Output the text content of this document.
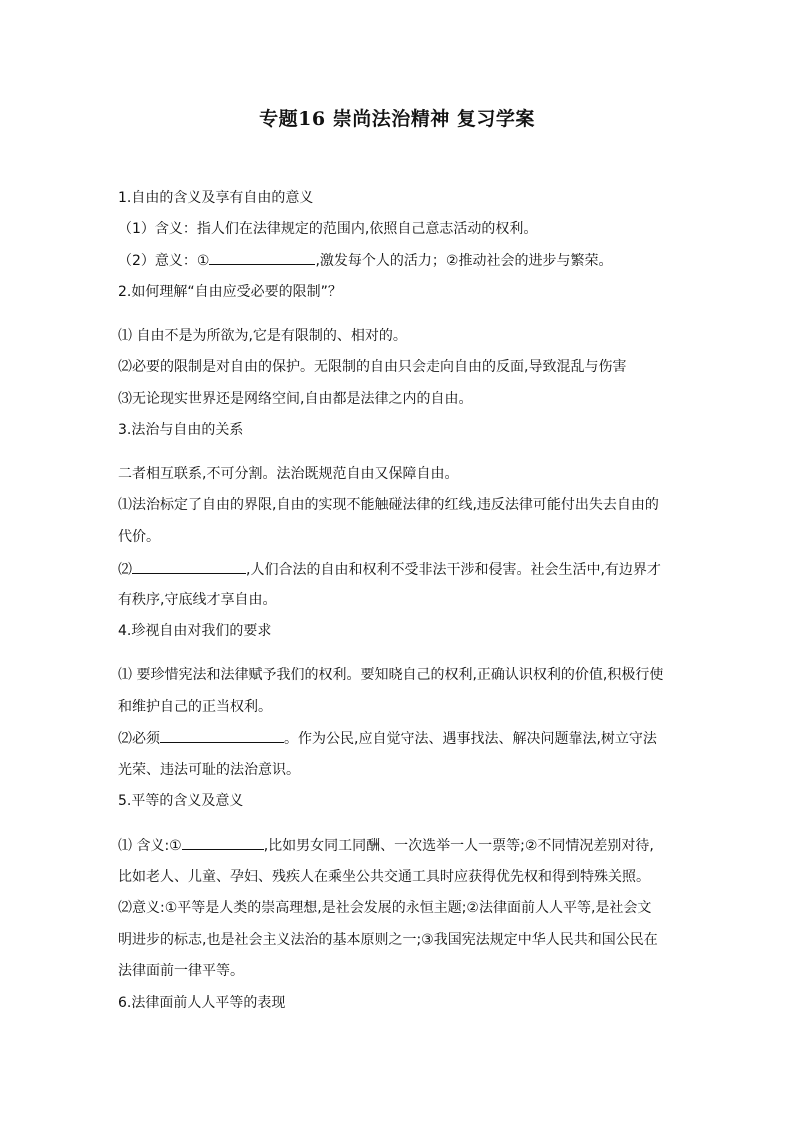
专题16 崇尚法治精神 复习学案
1.自由的含义及享有自由的意义
（1）含义：指人们在法律规定的范围内,依照自己意志活动的权利。
（2）意义：①	,激发每个人的活力；②推动社会的进步与繁荣。
2.如何理解“自由应受必要的限制”？
⑴ 自由不是为所欲为,它是有限制的、相对的。
⑵必要的限制是对自由的保护。无限制的自由只会走向自由的反面,导致混乱与伤害
⑶无论现实世界还是网络空间,自由都是法律之内的自由。
3.法治与自由的关系
二者相互联系,不可分割。法治既规范自由又保障自由。
⑴法治标定了自由的界限,自由的实现不能触碰法律的红线,违反法律可能付出失去自由的
代价。
⑵	,人们合法的自由和权利不受非法干涉和侵害。社会生活中,有边界才
有秩序,守底线才享自由。
4.珍视自由对我们的要求
⑴ 要珍惜宪法和法律赋予我们的权利。要知晓自己的权利,正确认识权利的价值,积极行使
和维护自己的正当权利。
⑵必须	。作为公民,应自觉守法、遇事找法、解决问题靠法,树立守法
光荣、违法可耻的法治意识。
5.平等的含义及意义
⑴ 含义:①	,比如男女同工同酬、一次选举一人一票等;②不同情况差别对待,
比如老人、儿童、孕妇、残疾人在乘坐公共交通工具时应获得优先权和得到特殊关照。
⑵意义:①平等是人类的崇高理想,是社会发展的永恒主题;②法律面前人人平等,是社会文
明进步的标志,也是社会主义法治的基本原则之一;③我国宪法规定中华人民共和国公民在
法律面前一律平等。
6.法律面前人人平等的表现
